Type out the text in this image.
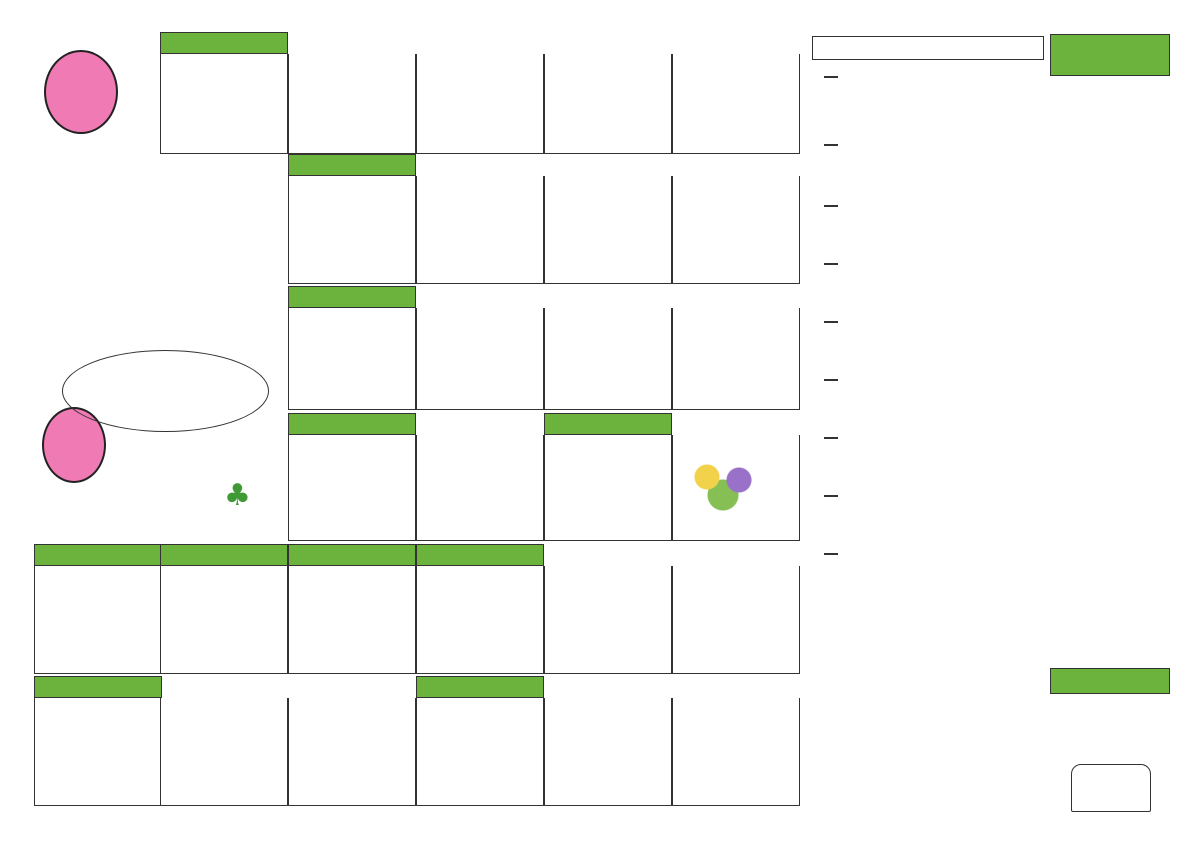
♣
